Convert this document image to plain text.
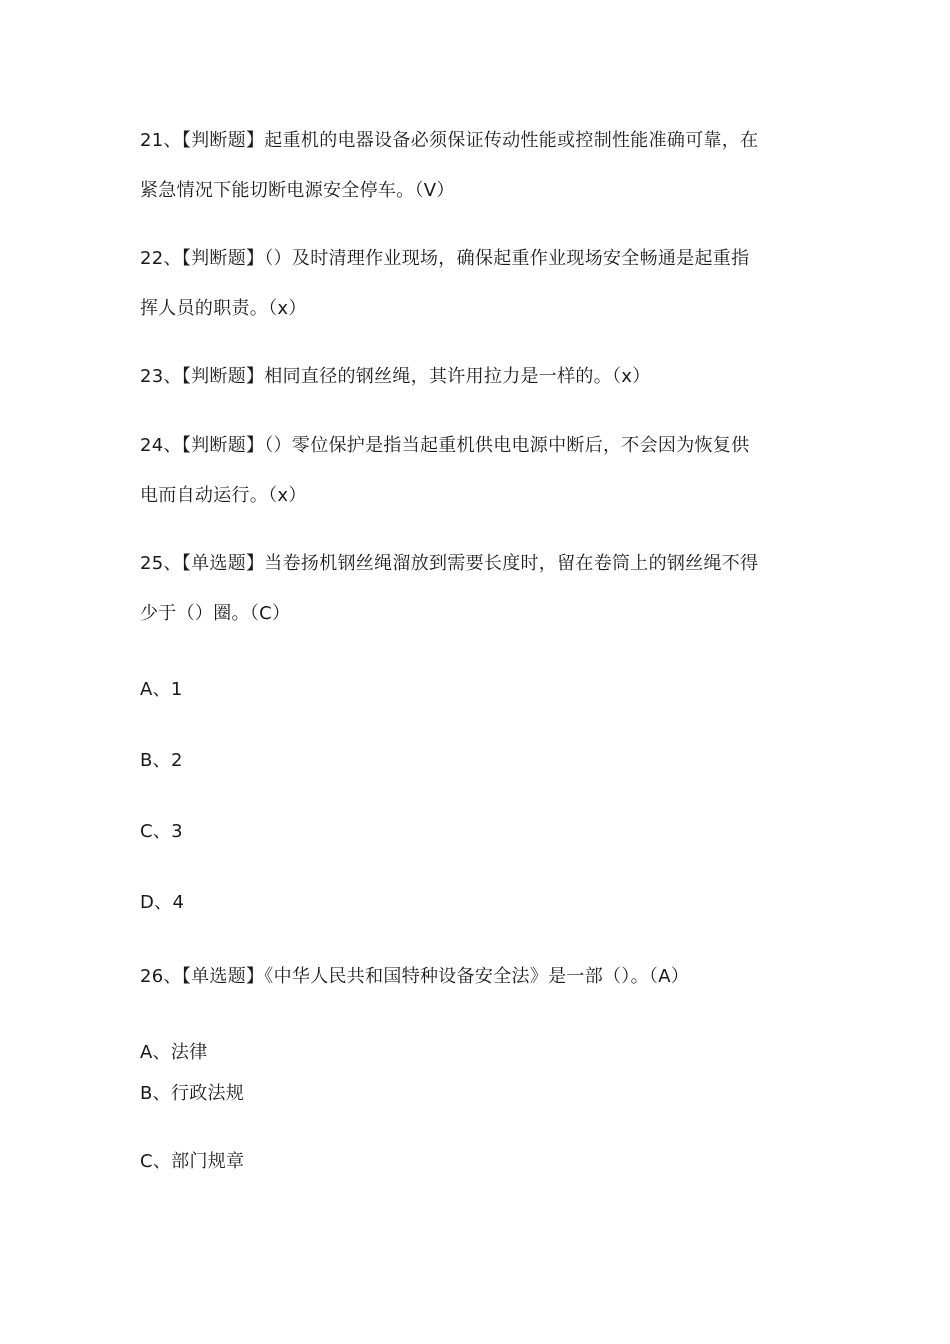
21、【判断题】起重机的电器设备必须保证传动性能或控制性能准确可靠，在
紧急情况下能切断电源安全停车。（V）
22、【判断题】（）及时清理作业现场，确保起重作业现场安全畅通是起重指
挥人员的职责。（x）
23、【判断题】相同直径的钢丝绳，其许用拉力是一样的。（x）
24、【判断题】（）零位保护是指当起重机供电电源中断后，不会因为恢复供
电而自动运行。（x）
25、【单选题】当卷扬机钢丝绳溜放到需要长度时，留在卷筒上的钢丝绳不得
少于（）圈。（C）
A、1
B、2
C、3
D、4
26、【单选题】《中华人民共和国特种设备安全法》是一部（）。（A）
A、法律
B、行政法规
C、部门规章
